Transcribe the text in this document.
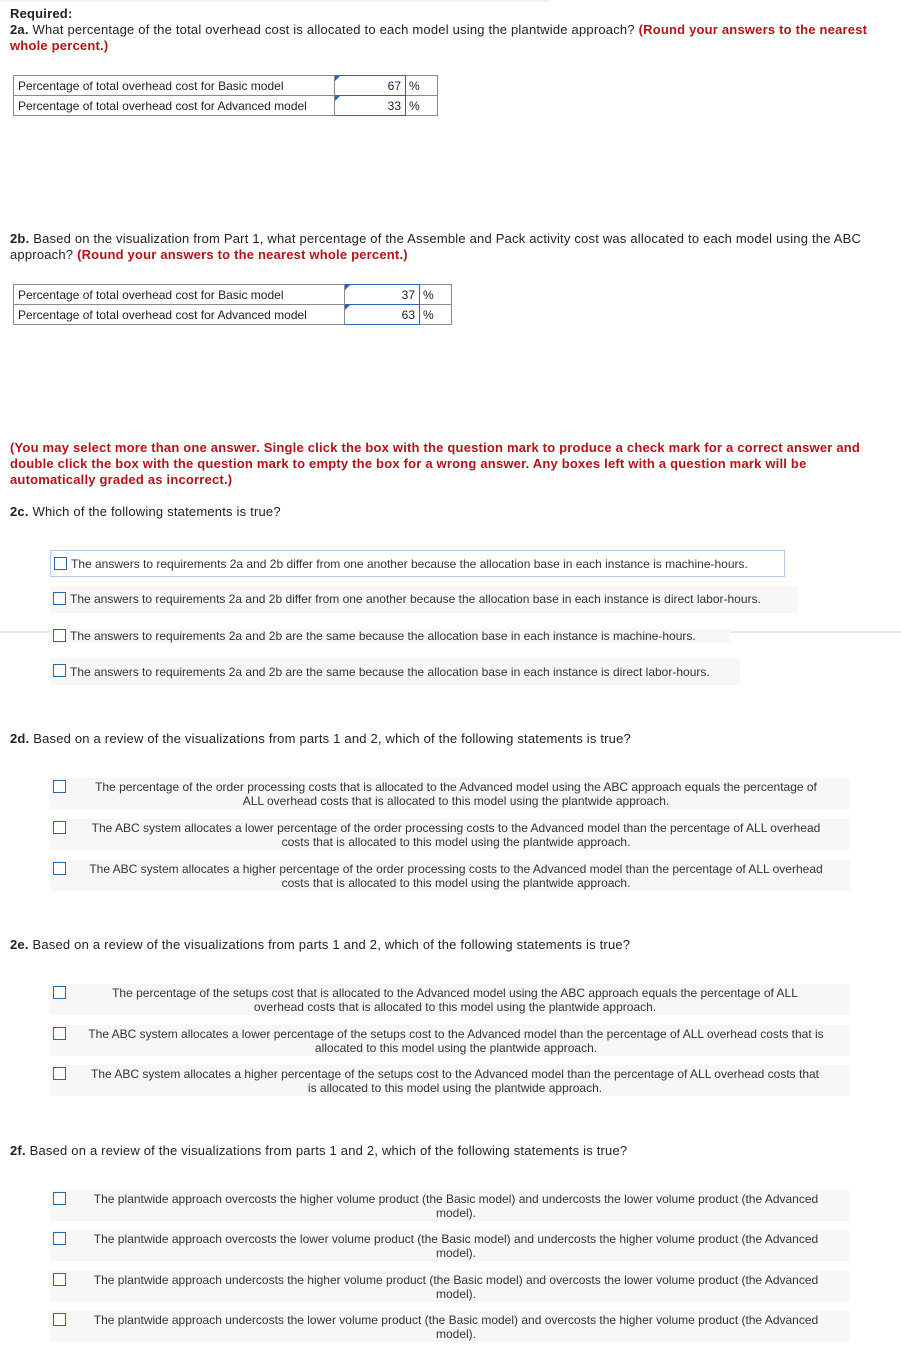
Required:
2a. What percentage of the total overhead cost is allocated to each model using the plantwide approach? (Round your answers to the nearest whole percent.)
Percentage of total overhead cost for Basic model	67	%
Percentage of total overhead cost for Advanced model	33	%
2b. Based on the visualization from Part 1, what percentage of the Assemble and Pack activity cost was allocated to each model using the ABC approach? (Round your answers to the nearest whole percent.)
Percentage of total overhead cost for Basic model	37	%
Percentage of total overhead cost for Advanced model	63	%
(You may select more than one answer. Single click the box with the question mark to produce a check mark for a correct answer and double click the box with the question mark to empty the box for a wrong answer. Any boxes left with a question mark will be automatically graded as incorrect.)
2c. Which of the following statements is true?
The answers to requirements 2a and 2b differ from one another because the allocation base in each instance is machine-hours.
The answers to requirements 2a and 2b differ from one another because the allocation base in each instance is direct labor-hours.
The answers to requirements 2a and 2b are the same because the allocation base in each instance is machine-hours.
The answers to requirements 2a and 2b are the same because the allocation base in each instance is direct labor-hours.
2d. Based on a review of the visualizations from parts 1 and 2, which of the following statements is true?
The percentage of the order processing costs that is allocated to the Advanced model using the ABC approach equals the percentage of
ALL overhead costs that is allocated to this model using the plantwide approach.
The ABC system allocates a lower percentage of the order processing costs to the Advanced model than the percentage of ALL overhead
costs that is allocated to this model using the plantwide approach.
The ABC system allocates a higher percentage of the order processing costs to the Advanced model than the percentage of ALL overhead
costs that is allocated to this model using the plantwide approach.
2e. Based on a review of the visualizations from parts 1 and 2, which of the following statements is true?
The percentage of the setups cost that is allocated to the Advanced model using the ABC approach equals the percentage of ALL
overhead costs that is allocated to this model using the plantwide approach.
The ABC system allocates a lower percentage of the setups cost to the Advanced model than the percentage of ALL overhead costs that is
allocated to this model using the plantwide approach.
The ABC system allocates a higher percentage of the setups cost to the Advanced model than the percentage of ALL overhead costs that
is allocated to this model using the plantwide approach.
2f. Based on a review of the visualizations from parts 1 and 2, which of the following statements is true?
The plantwide approach overcosts the higher volume product (the Basic model) and undercosts the lower volume product (the Advanced
model).
The plantwide approach overcosts the lower volume product (the Basic model) and undercosts the higher volume product (the Advanced
model).
The plantwide approach undercosts the higher volume product (the Basic model) and overcosts the lower volume product (the Advanced
model).
The plantwide approach undercosts the lower volume product (the Basic model) and overcosts the higher volume product (the Advanced
model).
